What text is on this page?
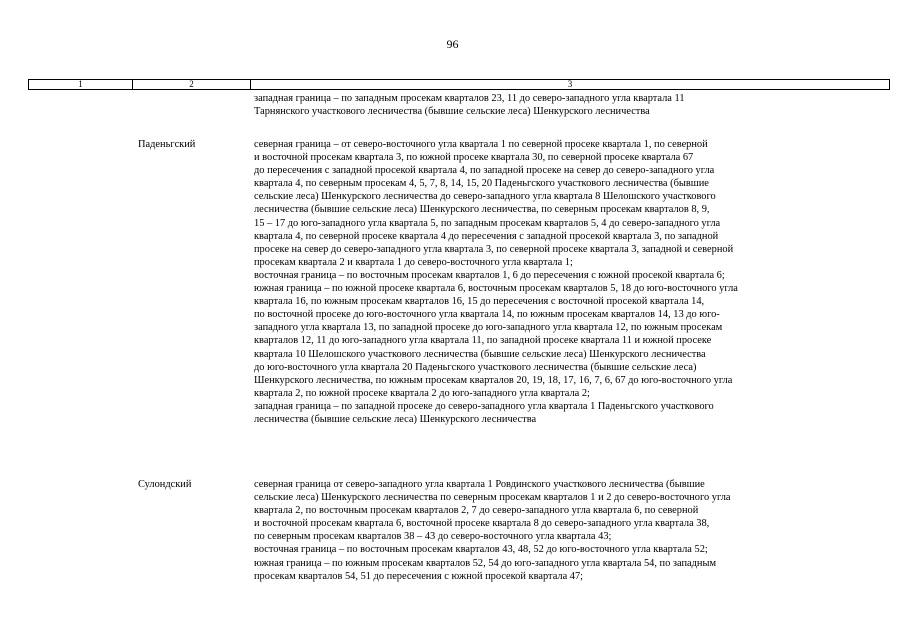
96
1	2	3
западная граница – по западным просекам кварталов 23, 11 до северо-западного угла квартала 11
Тарнянского участкового лесничества (бывшие сельские леса) Шенкурского лесничества
Паденьгский	северная граница – от северо-восточного угла квартала 1 по северной просеке квартала 1, по северной
и восточной просекам квартала 3, по южной просеке квартала 30, по северной просеке квартала 67
до пересечения с западной просекой квартала 4, по западной просеке на север до северо-западного угла
квартала 4, по северным просекам 4, 5, 7, 8, 14, 15, 20 Паденьгского участкового лесничества (бывшие
сельские леса) Шенкурского лесничества до северо-западного угла квартала 8 Шелошского участкового
лесничества (бывшие сельские леса) Шенкурского лесничества, по северным просекам кварталов 8, 9,
15 – 17 до юго-западного угла квартала 5, по западным просекам кварталов 5, 4 до северо-западного угла
квартала 4, по северной просеке квартала 4 до пересечения с западной просекой квартала 3, по западной
просеке на север до северо-западного угла квартала 3, по северной просеке квартала 3, западной и северной
просекам квартала 2 и квартала 1 до северо-восточного угла квартала 1;
восточная граница – по восточным просекам кварталов 1, 6 до пересечения с южной просекой квартала 6;
южная граница – по южной просеке квартала 6, восточным просекам кварталов 5, 18 до юго-восточного угла
квартала 16, по южным просекам кварталов 16, 15 до пересечения с восточной просекой квартала 14,
по восточной просеке до юго-восточного угла квартала 14, по южным просекам кварталов 14, 13 до юго-
западного угла квартала 13, по западной просеке до юго-западного угла квартала 12, по южным просекам
кварталов 12, 11 до юго-западного угла квартала 11, по западной просеке квартала 11 и южной просеке
квартала 10 Шелошского участкового лесничества (бывшие сельские леса) Шенкурского лесничества
до юго-восточного угла квартала 20 Паденьгского участкового лесничества (бывшие сельские леса)
Шенкурского лесничества, по южным просекам кварталов 20, 19, 18, 17, 16, 7, 6, 67 до юго-восточного угла
квартала 2, по южной просеке квартала 2 до юго-западного угла квартала 2;
западная граница – по западной просеке до северо-западного угла квартала 1 Паденьгского участкового
лесничества (бывшие сельские леса) Шенкурского лесничества
Сулондский	северная граница от северо-западного угла квартала 1 Ровдинского участкового лесничества (бывшие
сельские леса) Шенкурского лесничества по северным просекам кварталов 1 и 2 до северо-восточного угла
квартала 2, по восточным просекам кварталов 2, 7 до северо-западного угла квартала 6, по северной
и восточной просекам квартала 6, восточной просеке квартала 8 до северо-западного угла квартала 38,
по северным просекам кварталов 38 – 43 до северо-восточного угла квартала 43;
восточная граница – по восточным просекам кварталов 43, 48, 52 до юго-восточного угла квартала 52;
южная граница – по южным просекам кварталов 52, 54 до юго-западного угла квартала 54, по западным
просекам кварталов 54, 51 до пересечения с южной просекой квартала 47;
